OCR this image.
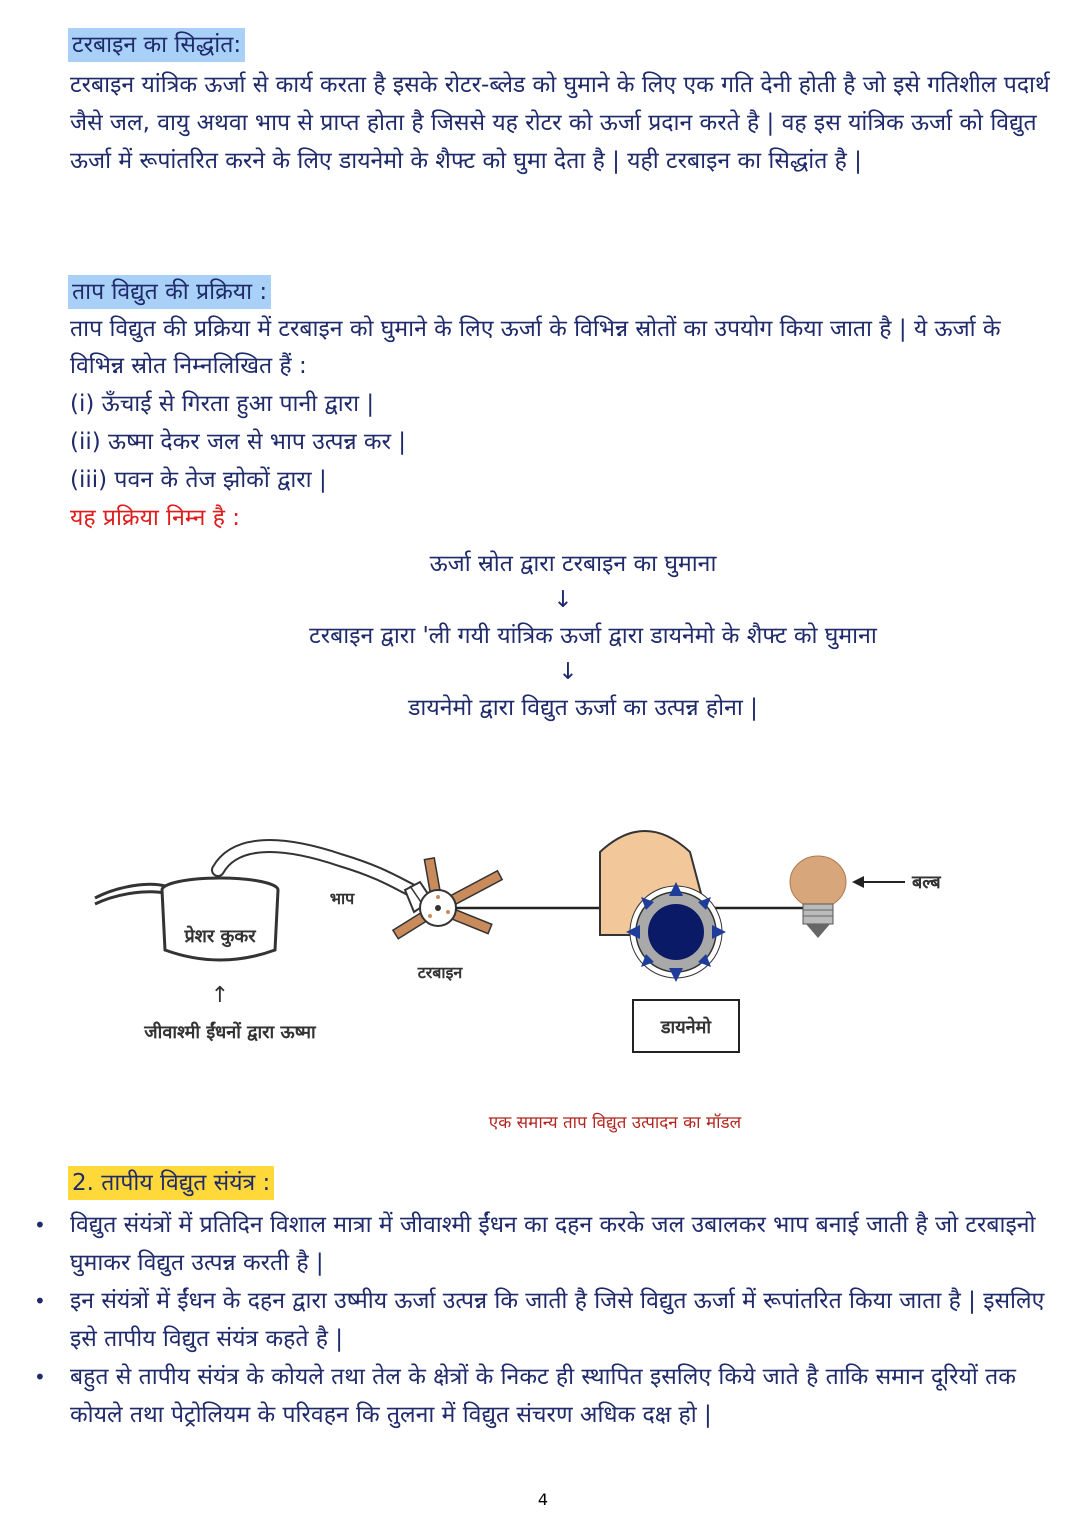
टरबाइन का सिद्धांत:

टरबाइन यांत्रिक ऊर्जा से कार्य करता है इसके रोटर-ब्लेड को घुमाने के लिए एक गति देनी होती है जो इसे गतिशील पदार्थ जैसे जल, वायु अथवा भाप से प्राप्त होता है जिससे यह रोटर को ऊर्जा प्रदान करते है | वह इस यांत्रिक ऊर्जा को विद्युत ऊर्जा में रूपांतरित करने के लिए डायनेमो के शैफ्ट को घुमा देता है | यही टरबाइन का सिद्धांत है |

ताप विद्युत की प्रक्रिया :

ताप विद्युत की प्रक्रिया में टरबाइन को घुमाने के लिए ऊर्जा के विभिन्न स्रोतों का उपयोग किया जाता है | ये ऊर्जा के विभिन्न स्रोत निम्नलिखित हैं :

(i) ऊँचाई से गिरता हुआ पानी द्वारा |
(ii) ऊष्मा देकर जल से भाप उत्पन्न कर |
(iii) पवन के तेज झोकों द्वारा |
यह प्रक्रिया निम्न है :
ऊर्जा स्रोत द्वारा टरबाइन का घुमाना
↓
टरबाइन द्वारा 'ली गयी यांत्रिक ऊर्जा द्वारा डायनेमो के शैफ्ट को घुमाना
↓
डायनेमो द्वारा विद्युत ऊर्जा का उत्पन्न होना |
प्रेशर कुकर
↑
जीवाश्मी ईंधनों द्वारा ऊष्मा
भाप
टरबाइन
डायनेमो
बल्ब
एक समान्य ताप विद्युत उत्पादन का मॉडल
2. तापीय विद्युत संयंत्र :
• विद्युत संयंत्रों में प्रतिदिन विशाल मात्रा में जीवाश्मी ईंधन का दहन करके जल उबालकर भाप बनाई जाती है जो टरबाइनो घुमाकर विद्युत उत्पन्न करती है |
• इन संयंत्रों में ईंधन के दहन द्वारा उष्मीय ऊर्जा उत्पन्न कि जाती है जिसे विद्युत ऊर्जा में रूपांतरित किया जाता है | इसलिए इसे तापीय विद्युत संयंत्र कहते है |
• बहुत से तापीय संयंत्र के कोयले तथा तेल के क्षेत्रों के निकट ही स्थापित इसलिए किये जाते है ताकि समान दूरियों तक कोयले तथा पेट्रोलियम के परिवहन कि तुलना में विद्युत संचरण अधिक दक्ष हो |
4
